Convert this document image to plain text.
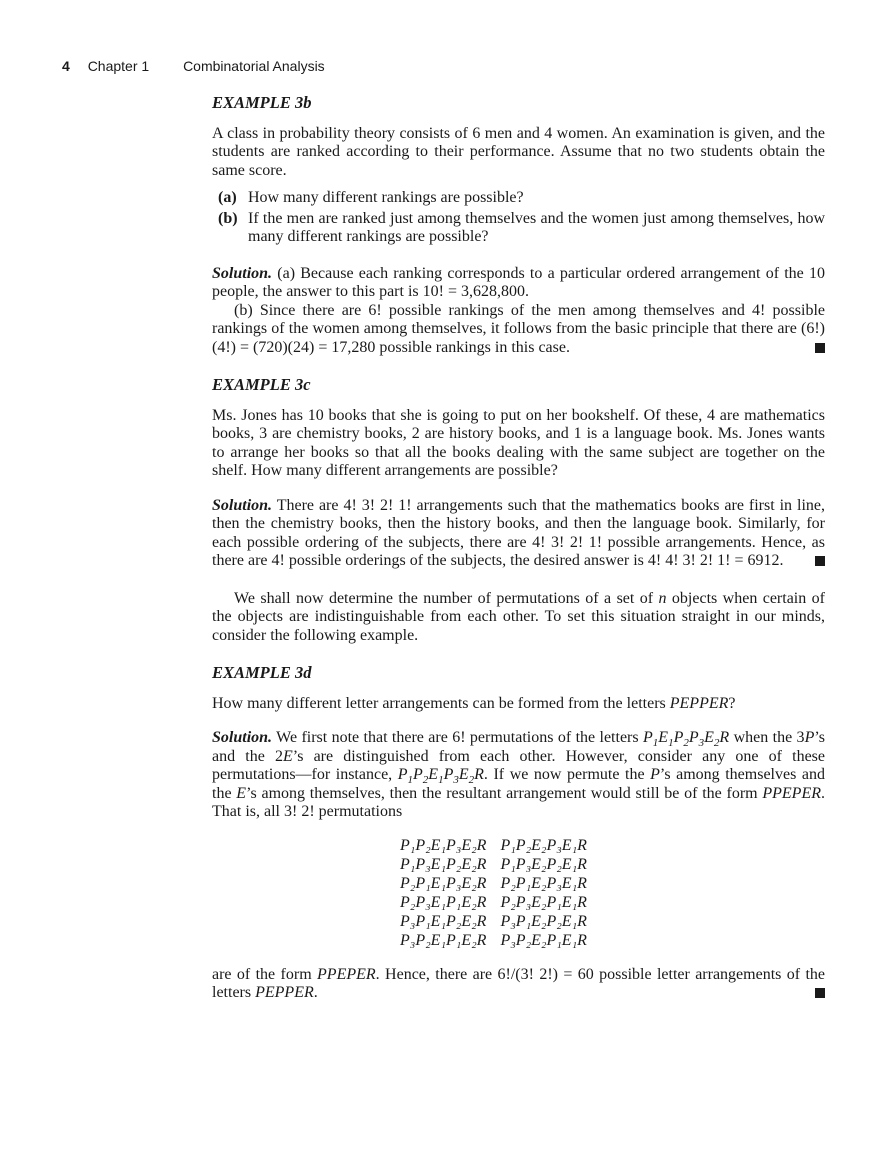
4 Chapter 1 Combinatorial Analysis
EXAMPLE 3b

A class in probability theory consists of 6 men and 4 women. An examination is given, and the students are ranked according to their performance. Assume that no two students obtain the same score.

(a) How many different rankings are possible?
(b) If the men are ranked just among themselves and the women just among themselves, how many different rankings are possible?

Solution. (a) Because each ranking corresponds to a particular ordered arrangement of the 10 people, the answer to this part is 10! = 3,628,800.

(b) Since there are 6! possible rankings of the men among themselves and 4! possible rankings of the women among themselves, it follows from the basic principle that there are (6!)(4!) = (720)(24) = 17,280 possible rankings in this case.

EXAMPLE 3c

Ms. Jones has 10 books that she is going to put on her bookshelf. Of these, 4 are mathematics books, 3 are chemistry books, 2 are history books, and 1 is a language book. Ms. Jones wants to arrange her books so that all the books dealing with the same subject are together on the shelf. How many different arrangements are possible?

Solution. There are 4! 3! 2! 1! arrangements such that the mathematics books are first in line, then the chemistry books, then the history books, and then the language book. Similarly, for each possible ordering of the subjects, there are 4! 3! 2! 1! possible arrangements. Hence, as there are 4! possible orderings of the subjects, the desired answer is 4! 4! 3! 2! 1! = 6912.

We shall now determine the number of permutations of a set of n objects when certain of the objects are indistinguishable from each other. To set this situation straight in our minds, consider the following example.

EXAMPLE 3d

How many different letter arrangements can be formed from the letters PEPPER?

Solution. We first note that there are 6! permutations of the letters $P_1E_1P_2P_3E_2R$ when the 3P’s and the 2E’s are distinguished from each other. However, consider any one of these permutations—for instance, $P_1P_2E_1P_3E_2R$. If we now permute the P’s among themselves and the E’s among themselves, then the resultant arrangement would still be of the form PPEPER. That is, all 3! 2! permutations

P₁P₂E₁P₃E₂R	P₁P₂E₂P₃E₁R
P₁P₃E₁P₂E₂R	P₁P₃E₂P₂E₁R
P₂P₁E₁P₃E₂R	P₂P₁E₂P₃E₁R
P₂P₃E₁P₁E₂R	P₂P₃E₂P₁E₁R
P₃P₁E₁P₂E₂R	P₃P₁E₂P₂E₁R
P₃P₂E₁P₁E₂R	P₃P₂E₂P₁E₁R

are of the form PPEPER. Hence, there are 6!/(3! 2!) = 60 possible letter arrangements of the letters PEPPER.
